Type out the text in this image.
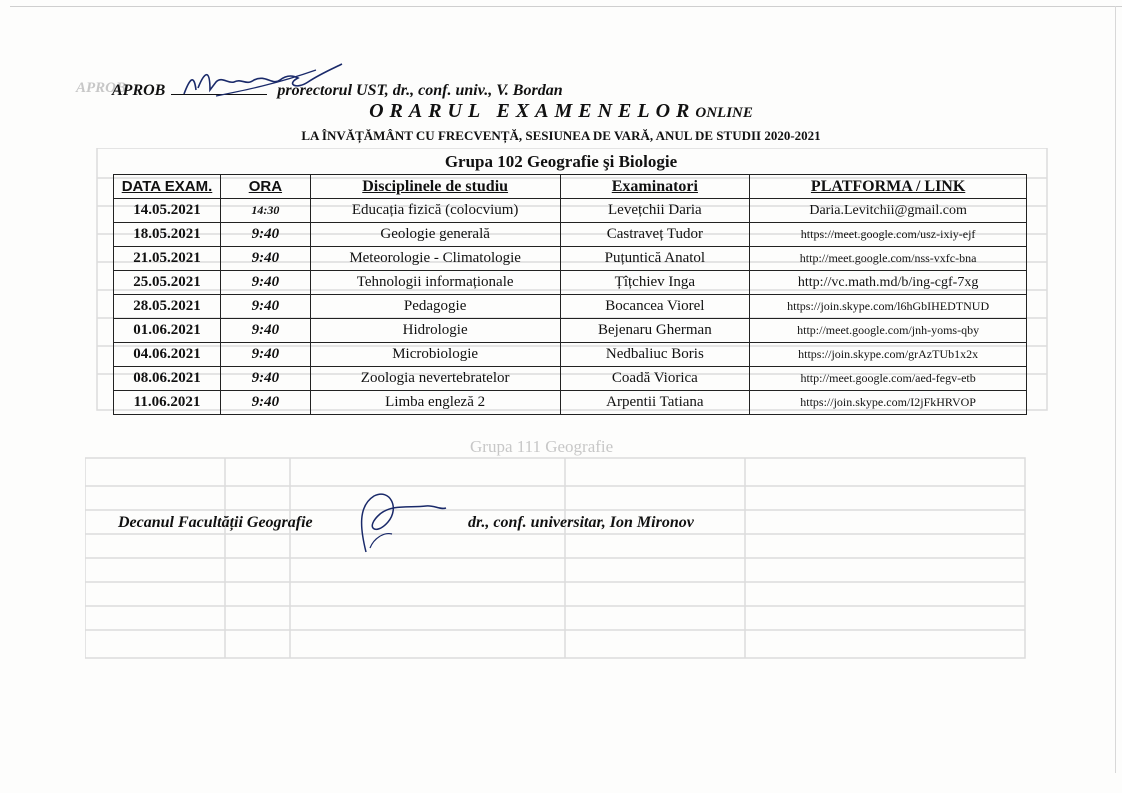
APROB
Grupa 111 Geografie
APROB	prorectorul UST, dr., conf. univ., V. Bordan
ORARUL EXAMENELORONLINE
LA ÎNVĂȚĂMÂNT CU FRECVENȚĂ, SESIUNEA DE VARĂ, ANUL DE STUDII 2020-2021
Grupa 102 Geografie şi Biologie
DATA EXAM.	ORA	Disciplinele de studiu	Examinatori	PLATFORMA / LINK
14.05.2021	14:30	Educația fizică (colocvium)	Levețchii Daria	Daria.Levitchii@gmail.com
18.05.2021	9:40	Geologie generală	Castraveț Tudor	https://meet.google.com/usz-ixiy-ejf
21.05.2021	9:40	Meteorologie - Climatologie	Puțuntică Anatol	http://meet.google.com/nss-vxfc-bna
25.05.2021	9:40	Tehnologii informaționale	Țîțchiev Inga	http://vc.math.md/b/ing-cgf-7xg
28.05.2021	9:40	Pedagogie	Bocancea Viorel	https://join.skype.com/l6hGbIHEDTNUD
01.06.2021	9:40	Hidrologie	Bejenaru Gherman	http://meet.google.com/jnh-yoms-qby
04.06.2021	9:40	Microbiologie	Nedbaliuc Boris	https://join.skype.com/grAzTUb1x2x
08.06.2021	9:40	Zoologia nevertebratelor	Coadă Viorica	http://meet.google.com/aed-fegv-etb
11.06.2021	9:40	Limba engleză 2	Arpentii Tatiana	https://join.skype.com/I2jFkHRVOP
Decanul Facultății Geografie	dr., conf. universitar, Ion Mironov
